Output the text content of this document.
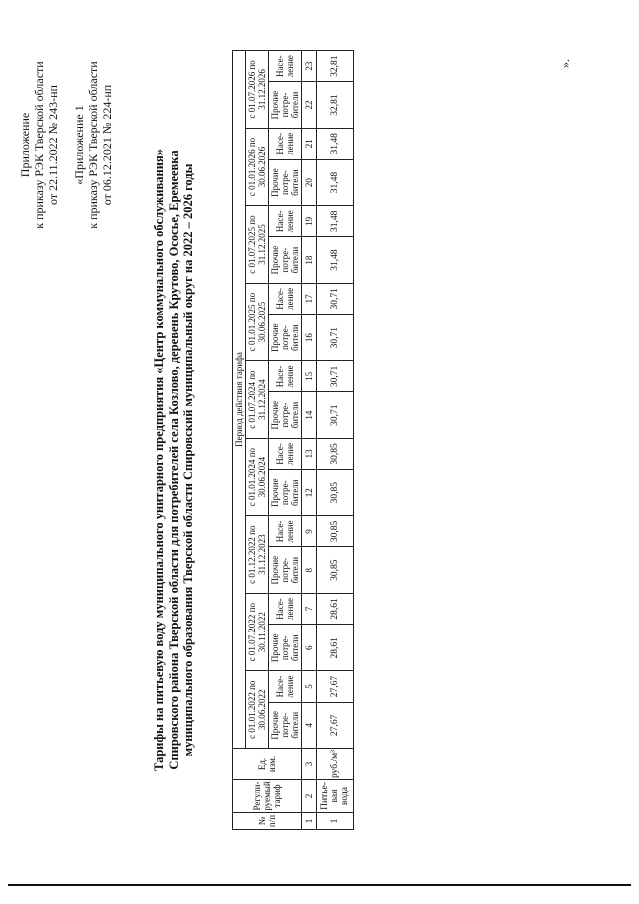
Приложение к приказу РЭК Тверской области от 22.11.2022 № 243-нп «Приложение 1 к приказу РЭК Тверской области от 06.12.2021 № 224-нп
Тарифы на питьевую воду муниципального унитарного предприятия «Центр коммунального обслуживания» Спировского района Тверской области для потребителей села Козлово, деревень Крутово, Ососье, Еремеевка муниципального образования Тверской области Спировский муниципальный округ на 2022 – 2026 годы
№ п/п	Регули-руемый тариф	Ед. изм.	Период действия тарифа																	
			с 01.01.2022 по 30.06.2022		с 01.07.2022 по 30.11.2022		с 01.12.2022 по 31.12.2023		с 01.01.2024 по 30.06.2024		с 01.07.2024 по 31.12.2024		с 01.01.2025 по 30.06.2025		с 01.07.2025 по 31.12.2025		с 01.01.2026 по 30.06.2026		с 01.07.2026 по 31.12.2026	
			Прочие потре-бители	Насе-ление	Прочие потре-бители	Насе-ление	Прочие потре-бители	Насе-ление	Прочие потре-бители	Насе-ление	Прочие потре-бители	Насе-ление	Прочие потре-бители	Насе-ление	Прочие потре-бители	Насе-ление	Прочие потре-бители	Насе-ление	Прочие потре-бители	Насе-ление
1	2	3	4	5	6	7	8	9	12	13	14	15	16	17	18	19	20	21	22	23
1	Питье-вая вода	руб./м³	27,67	27,67	28,61	28,61	30,85	30,85	30,85	30,85	30,71	30,71	30,71	30,71	31,48	31,48	31,48	31,48	32,81	32,81	».
